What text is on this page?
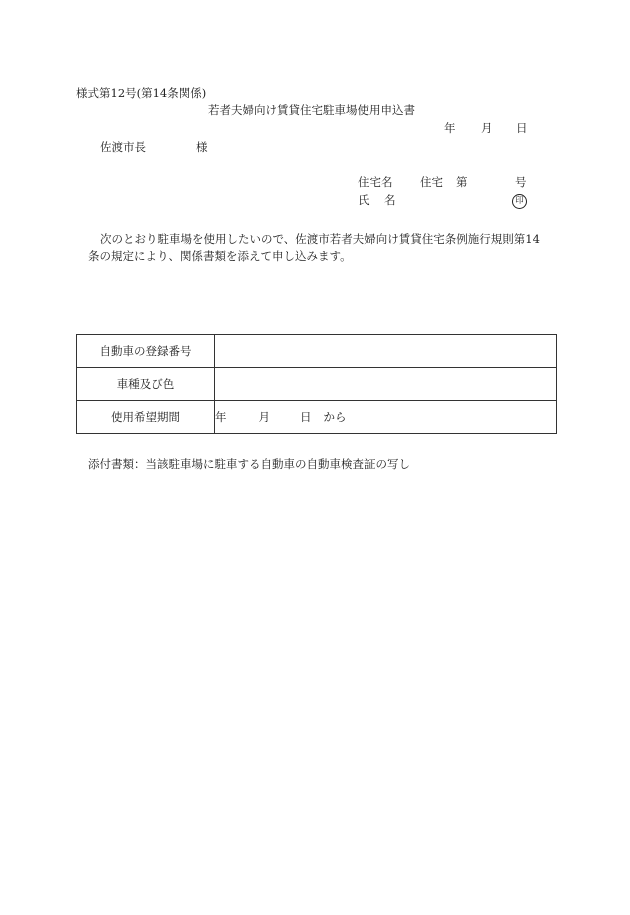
様式第12号(第14条関係)
若者夫婦向け賃貸住宅駐車場使用申込書
年 月 日
佐渡市長	様
住宅名 住宅 第	号
氏 名	印
次のとおり駐車場を使用したいので、佐渡市若者夫婦向け賃貸住宅条例施行規則第14
条の規定により、関係書類を添えて申し込みます。
自動車の登録番号	
車種及び色	
使用希望期間	年 月 日 から
添付書類：当該駐車場に駐車する自動車の自動車検査証の写し
